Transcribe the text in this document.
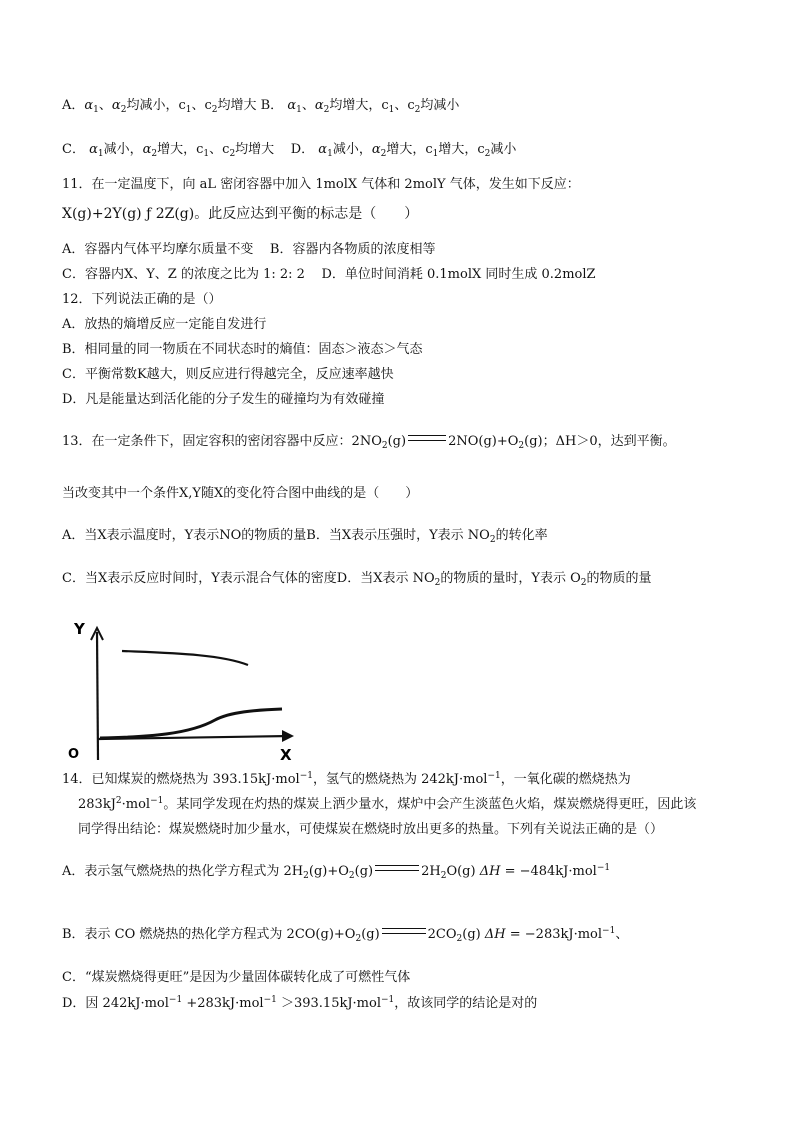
A．$\alpha_1$、$\alpha_2$均减小，$c_1$、$c_2$均增大 B． $\alpha_1$、$\alpha_2$均增大，$c_1$、$c_2$均减小
C． $\alpha_1$减小，$\alpha_2$增大，$c_1$、$c_2$均增大 D． $\alpha_1$减小，$\alpha_2$增大，$c_1$增大，$c_2$减小
11．在一定温度下，向 aL 密闭容器中加入 1molX 气体和 2molY 气体，发生如下反应：
X(g)+2Y(g) ƒ 2Z(g)。此反应达到平衡的标志是（　　）
A．容器内气体平均摩尔质量不变 B．容器内各物质的浓度相等
C．容器内X、Y、Z 的浓度之比为 1: 2: 2 D．单位时间消耗 0.1molX 同时生成 0.2molZ
12．下列说法正确的是（）
A．放热的熵增反应一定能自发进行
B．相同量的同一物质在不同状态时的熵值：固态＞液态＞气态
C．平衡常数K越大，则反应进行得越完全，反应速率越快
D．凡是能量达到活化能的分子发生的碰撞均为有效碰撞
13．在一定条件下，固定容积的密闭容器中反应：$2NO_2(g)$	$2NO(g)+O_2(g)$；ΔH＞0，达到平衡。
当改变其中一个条件X,Y随X的变化符合图中曲线的是（　　）
A．当X表示温度时，Y表示NO的物质的量B．当X表示压强时，Y表示 $NO_2$的转化率
C．当X表示反应时间时，Y表示混合气体的密度D．当X表示 $NO_2$的物质的量时，Y表示 $O_2$的物质的量
Y
X
O
14．已知煤炭的燃烧热为 393.15kJ·mol$^{-1}$，氢气的燃烧热为 242kJ·mol$^{-1}$，一氧化碳的燃烧热为
$283kJ^2\cdot mol^{-1}$。某同学发现在灼热的煤炭上洒少量水，煤炉中会产生淡蓝色火焰，煤炭燃烧得更旺，因此该
同学得出结论：煤炭燃烧时加少量水，可使煤炭在燃烧时放出更多的热量。下列有关说法正确的是（）
A．表示氢气燃烧热的热化学方程式为 $2H_2(g)+O_2(g)$	$2H_2O(g) \Delta H = -484kJ\cdot mol^{-1}$
B．表示 CO 燃烧热的热化学方程式为 $2CO(g)+O_2(g)$	$2CO_2(g) \Delta H = -283kJ\cdot mol^{-1}$、
C．“煤炭燃烧得更旺”是因为少量固体碳转化成了可燃性气体
D．因 242kJ·mol$^{-1}$ +283kJ·mol$^{-1}$ ＞393.15kJ·mol$^{-1}$，故该同学的结论是对的
